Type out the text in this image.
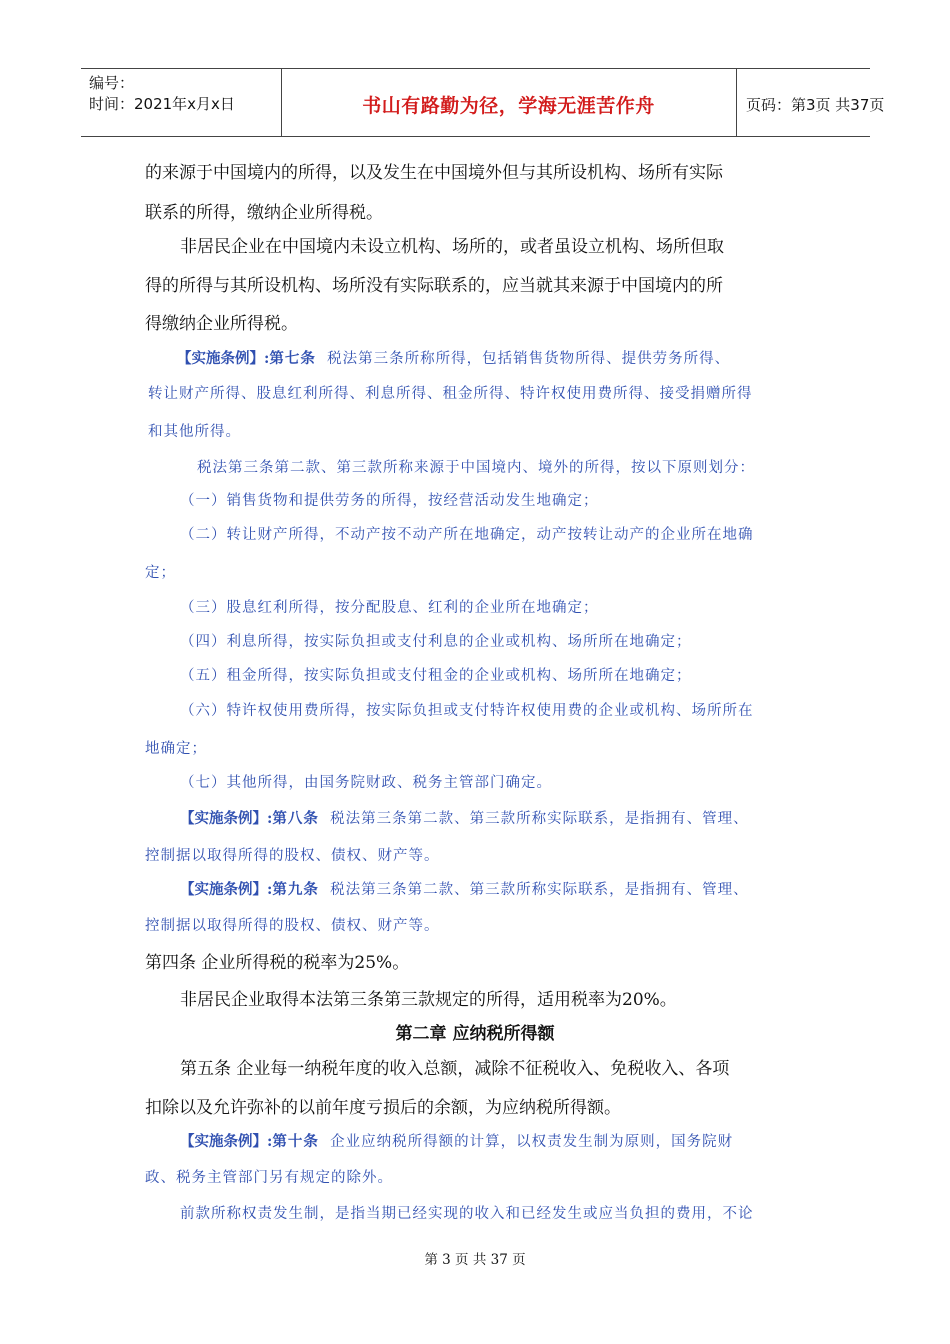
编号：
时间：2021年x月x日	书山有路勤为径，学海无涯苦作舟	页码：第3页 共37页
的来源于中国境内的所得，以及发生在中国境外但与其所设机构、场所有实际
联系的所得，缴纳企业所得税。
非居民企业在中国境内未设立机构、场所的，或者虽设立机构、场所但取
得的所得与其所设机构、场所没有实际联系的，应当就其来源于中国境内的所
得缴纳企业所得税。
【实施条例】:第七条 税法第三条所称所得，包括销售货物所得、提供劳务所得、
转让财产所得、股息红利所得、利息所得、租金所得、特许权使用费所得、接受捐赠所得
和其他所得。
税法第三条第二款、第三款所称来源于中国境内、境外的所得，按以下原则划分：
（一）销售货物和提供劳务的所得，按经营活动发生地确定；
（二）转让财产所得，不动产按不动产所在地确定，动产按转让动产的企业所在地确
定；
（三）股息红利所得，按分配股息、红利的企业所在地确定；
（四）利息所得，按实际负担或支付利息的企业或机构、场所所在地确定；
（五）租金所得，按实际负担或支付租金的企业或机构、场所所在地确定；
（六）特许权使用费所得，按实际负担或支付特许权使用费的企业或机构、场所所在
地确定；
（七）其他所得，由国务院财政、税务主管部门确定。
【实施条例】:第八条 税法第三条第二款、第三款所称实际联系，是指拥有、管理、
控制据以取得所得的股权、债权、财产等。
【实施条例】:第九条 税法第三条第二款、第三款所称实际联系，是指拥有、管理、
控制据以取得所得的股权、债权、财产等。
第四条 企业所得税的税率为25%。
非居民企业取得本法第三条第三款规定的所得，适用税率为20%。
第二章 应纳税所得额
第五条 企业每一纳税年度的收入总额，减除不征税收入、免税收入、各项
扣除以及允许弥补的以前年度亏损后的余额，为应纳税所得额。
【实施条例】:第十条 企业应纳税所得额的计算，以权责发生制为原则，国务院财
政、税务主管部门另有规定的除外。
前款所称权责发生制，是指当期已经实现的收入和已经发生或应当负担的费用，不论
第 3 页 共 37 页
